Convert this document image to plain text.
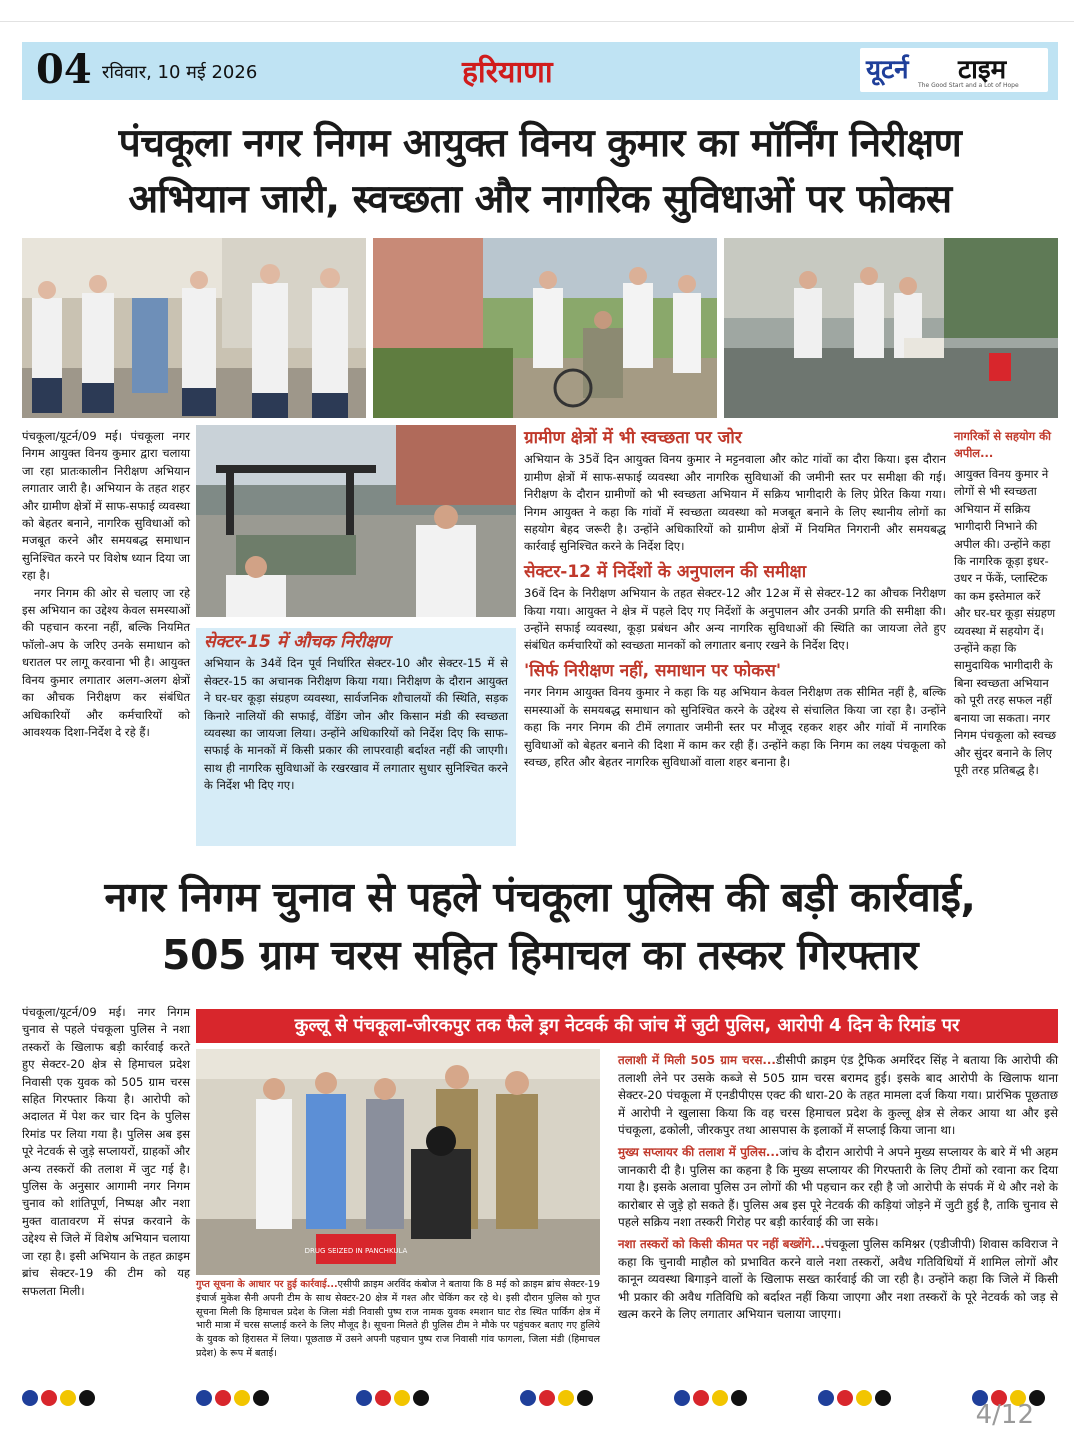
04 रविवार, 10 मई 2026	हरियाणा	यूटर्न टाइम
The Good Start and a Lot of Hope
पंचकूला नगर निगम आयुक्त विनय कुमार का मॉर्निंग निरीक्षण
अभियान जारी, स्वच्छता और नागरिक सुविधाओं पर फोकस

पंचकूला/यूटर्न/09 मई। पंचकूला नगर निगम आयुक्त विनय कुमार द्वारा चलाया जा रहा प्रातःकालीन निरीक्षण अभियान लगातार जारी है। अभियान के तहत शहर और ग्रामीण क्षेत्रों में साफ-सफाई व्यवस्था को बेहतर बनाने, नागरिक सुविधाओं को मजबूत करने और समयबद्ध समाधान सुनिश्चित करने पर विशेष ध्यान दिया जा रहा है।

नगर निगम की ओर से चलाए जा रहे इस अभियान का उद्देश्य केवल समस्याओं की पहचान करना नहीं, बल्कि नियमित फॉलो-अप के जरिए उनके समाधान को धरातल पर लागू करवाना भी है। आयुक्त विनय कुमार लगातार अलग-अलग क्षेत्रों का औचक निरीक्षण कर संबंधित अधिकारियों और कर्मचारियों को आवश्यक दिशा-निर्देश दे रहे हैं।

सेक्टर-15 में औचक निरीक्षण

अभियान के 34वें दिन पूर्व निर्धारित सेक्टर-10 और सेक्टर-15 में से सेक्टर-15 का अचानक निरीक्षण किया गया। निरीक्षण के दौरान आयुक्त ने घर-घर कूड़ा संग्रहण व्यवस्था, सार्वजनिक शौचालयों की स्थिति, सड़क किनारे नालियों की सफाई, वेंडिंग जोन और किसान मंडी की स्वच्छता व्यवस्था का जायजा लिया। उन्होंने अधिकारियों को निर्देश दिए कि साफ-सफाई के मानकों में किसी प्रकार की लापरवाही बर्दाश्त नहीं की जाएगी। साथ ही नागरिक सुविधाओं के रखरखाव में लगातार सुधार सुनिश्चित करने के निर्देश भी दिए गए।

ग्रामीण क्षेत्रों में भी स्वच्छता पर जोर

अभियान के 35वें दिन आयुक्त विनय कुमार ने मट्टनवाला और कोट गांवों का दौरा किया। इस दौरान ग्रामीण क्षेत्रों में साफ-सफाई व्यवस्था और नागरिक सुविधाओं की जमीनी स्तर पर समीक्षा की गई। निरीक्षण के दौरान ग्रामीणों को भी स्वच्छता अभियान में सक्रिय भागीदारी के लिए प्रेरित किया गया। निगम आयुक्त ने कहा कि गांवों में स्वच्छता व्यवस्था को मजबूत बनाने के लिए स्थानीय लोगों का सहयोग बेहद जरूरी है। उन्होंने अधिकारियों को ग्रामीण क्षेत्रों में नियमित निगरानी और समयबद्ध कार्रवाई सुनिश्चित करने के निर्देश दिए।

सेक्टर-12 में निर्देशों के अनुपालन की समीक्षा

36वें दिन के निरीक्षण अभियान के तहत सेक्टर-12 और 12अ में से सेक्टर-12 का औचक निरीक्षण किया गया। आयुक्त ने क्षेत्र में पहले दिए गए निर्देशों के अनुपालन और उनकी प्रगति की समीक्षा की। उन्होंने सफाई व्यवस्था, कूड़ा प्रबंधन और अन्य नागरिक सुविधाओं की स्थिति का जायजा लेते हुए संबंधित कर्मचारियों को स्वच्छता मानकों को लगातार बनाए रखने के निर्देश दिए।

'सिर्फ निरीक्षण नहीं, समाधान पर फोकस'

नगर निगम आयुक्त विनय कुमार ने कहा कि यह अभियान केवल निरीक्षण तक सीमित नहीं है, बल्कि समस्याओं के समयबद्ध समाधान को सुनिश्चित करने के उद्देश्य से संचालित किया जा रहा है। उन्होंने कहा कि नगर निगम की टीमें लगातार जमीनी स्तर पर मौजूद रहकर शहर और गांवों में नागरिक सुविधाओं को बेहतर बनाने की दिशा में काम कर रही हैं। उन्होंने कहा कि निगम का लक्ष्य पंचकूला को स्वच्छ, हरित और बेहतर नागरिक सुविधाओं वाला शहर बनाना है।

नागरिकों से सहयोग की अपील...

आयुक्त विनय कुमार ने लोगों से भी स्वच्छता अभियान में सक्रिय भागीदारी निभाने की अपील की। उन्होंने कहा कि नागरिक कूड़ा इधर-उधर न फेंकें, प्लास्टिक का कम इस्तेमाल करें और घर-घर कूड़ा संग्रहण व्यवस्था में सहयोग दें। उन्होंने कहा कि सामुदायिक भागीदारी के बिना स्वच्छता अभियान को पूरी तरह सफल नहीं बनाया जा सकता। नगर निगम पंचकूला को स्वच्छ और सुंदर बनाने के लिए पूरी तरह प्रतिबद्ध है।

नगर निगम चुनाव से पहले पंचकूला पुलिस की बड़ी कार्रवाई,
505 ग्राम चरस सहित हिमाचल का तस्कर गिरफ्तार

पंचकूला/यूटर्न/09 मई। नगर निगम चुनाव से पहले पंचकूला पुलिस ने नशा तस्करों के खिलाफ बड़ी कार्रवाई करते हुए सेक्टर-20 क्षेत्र से हिमाचल प्रदेश निवासी एक युवक को 505 ग्राम चरस सहित गिरफ्तार किया है। आरोपी को अदालत में पेश कर चार दिन के पुलिस रिमांड पर लिया गया है। पुलिस अब इस पूरे नेटवर्क से जुड़े सप्लायरों, ग्राहकों और अन्य तस्करों की तलाश में जुट गई है। पुलिस के अनुसार आगामी नगर निगम चुनाव को शांतिपूर्ण, निष्पक्ष और नशा मुक्त वातावरण में संपन्न करवाने के उद्देश्य से जिले में विशेष अभियान चलाया जा रहा है। इसी अभियान के तहत क्राइम ब्रांच सेक्टर-19 की टीम को यह सफलता मिली।

कुल्लू से पंचकूला-जीरकपुर तक फैले ड्रग नेटवर्क की जांच में जुटी पुलिस, आरोपी 4 दिन के रिमांड पर
DRUG SEIZED IN PANCHKULA

गुप्त सूचना के आधार पर हुई कार्रवाई...एसीपी क्राइम अरविंद कंबोज ने बताया कि 8 मई को क्राइम ब्रांच सेक्टर-19 इंचार्ज मुकेश सैनी अपनी टीम के साथ सेक्टर-20 क्षेत्र में गश्त और चेकिंग कर रहे थे। इसी दौरान पुलिस को गुप्त सूचना मिली कि हिमाचल प्रदेश के जिला मंडी निवासी पुष्प राज नामक युवक श्मशान घाट रोड स्थित पार्किंग क्षेत्र में भारी मात्रा में चरस सप्लाई करने के लिए मौजूद है। सूचना मिलते ही पुलिस टीम ने मौके पर पहुंचकर बताए गए हुलिये के युवक को हिरासत में लिया। पूछताछ में उसने अपनी पहचान पुष्प राज निवासी गांव फागला, जिला मंडी (हिमाचल प्रदेश) के रूप में बताई।

तलाशी में मिली 505 ग्राम चरस...डीसीपी क्राइम एंड ट्रैफिक अमरिंदर सिंह ने बताया कि आरोपी की तलाशी लेने पर उसके कब्जे से 505 ग्राम चरस बरामद हुई। इसके बाद आरोपी के खिलाफ थाना सेक्टर-20 पंचकूला में एनडीपीएस एक्ट की धारा-20 के तहत मामला दर्ज किया गया। प्रारंभिक पूछताछ में आरोपी ने खुलासा किया कि वह चरस हिमाचल प्रदेश के कुल्लू क्षेत्र से लेकर आया था और इसे पंचकूला, ढकोली, जीरकपुर तथा आसपास के इलाकों में सप्लाई किया जाना था।

मुख्य सप्लायर की तलाश में पुलिस...जांच के दौरान आरोपी ने अपने मुख्य सप्लायर के बारे में भी अहम जानकारी दी है। पुलिस का कहना है कि मुख्य सप्लायर की गिरफ्तारी के लिए टीमों को रवाना कर दिया गया है। इसके अलावा पुलिस उन लोगों की भी पहचान कर रही है जो आरोपी के संपर्क में थे और नशे के कारोबार से जुड़े हो सकते हैं। पुलिस अब इस पूरे नेटवर्क की कड़ियां जोड़ने में जुटी हुई है, ताकि चुनाव से पहले सक्रिय नशा तस्करी गिरोह पर बड़ी कार्रवाई की जा सके।

नशा तस्करों को किसी कीमत पर नहीं बख्शेंगे...पंचकूला पुलिस कमिश्नर (एडीजीपी) शिवास कविराज ने कहा कि चुनावी माहौल को प्रभावित करने वाले नशा तस्करों, अवैध गतिविधियों में शामिल लोगों और कानून व्यवस्था बिगाड़ने वालों के खिलाफ सख्त कार्रवाई की जा रही है। उन्होंने कहा कि जिले में किसी भी प्रकार की अवैध गतिविधि को बर्दाश्त नहीं किया जाएगा और नशा तस्करों के पूरे नेटवर्क को जड़ से खत्म करने के लिए लगातार अभियान चलाया जाएगा।

4/12
